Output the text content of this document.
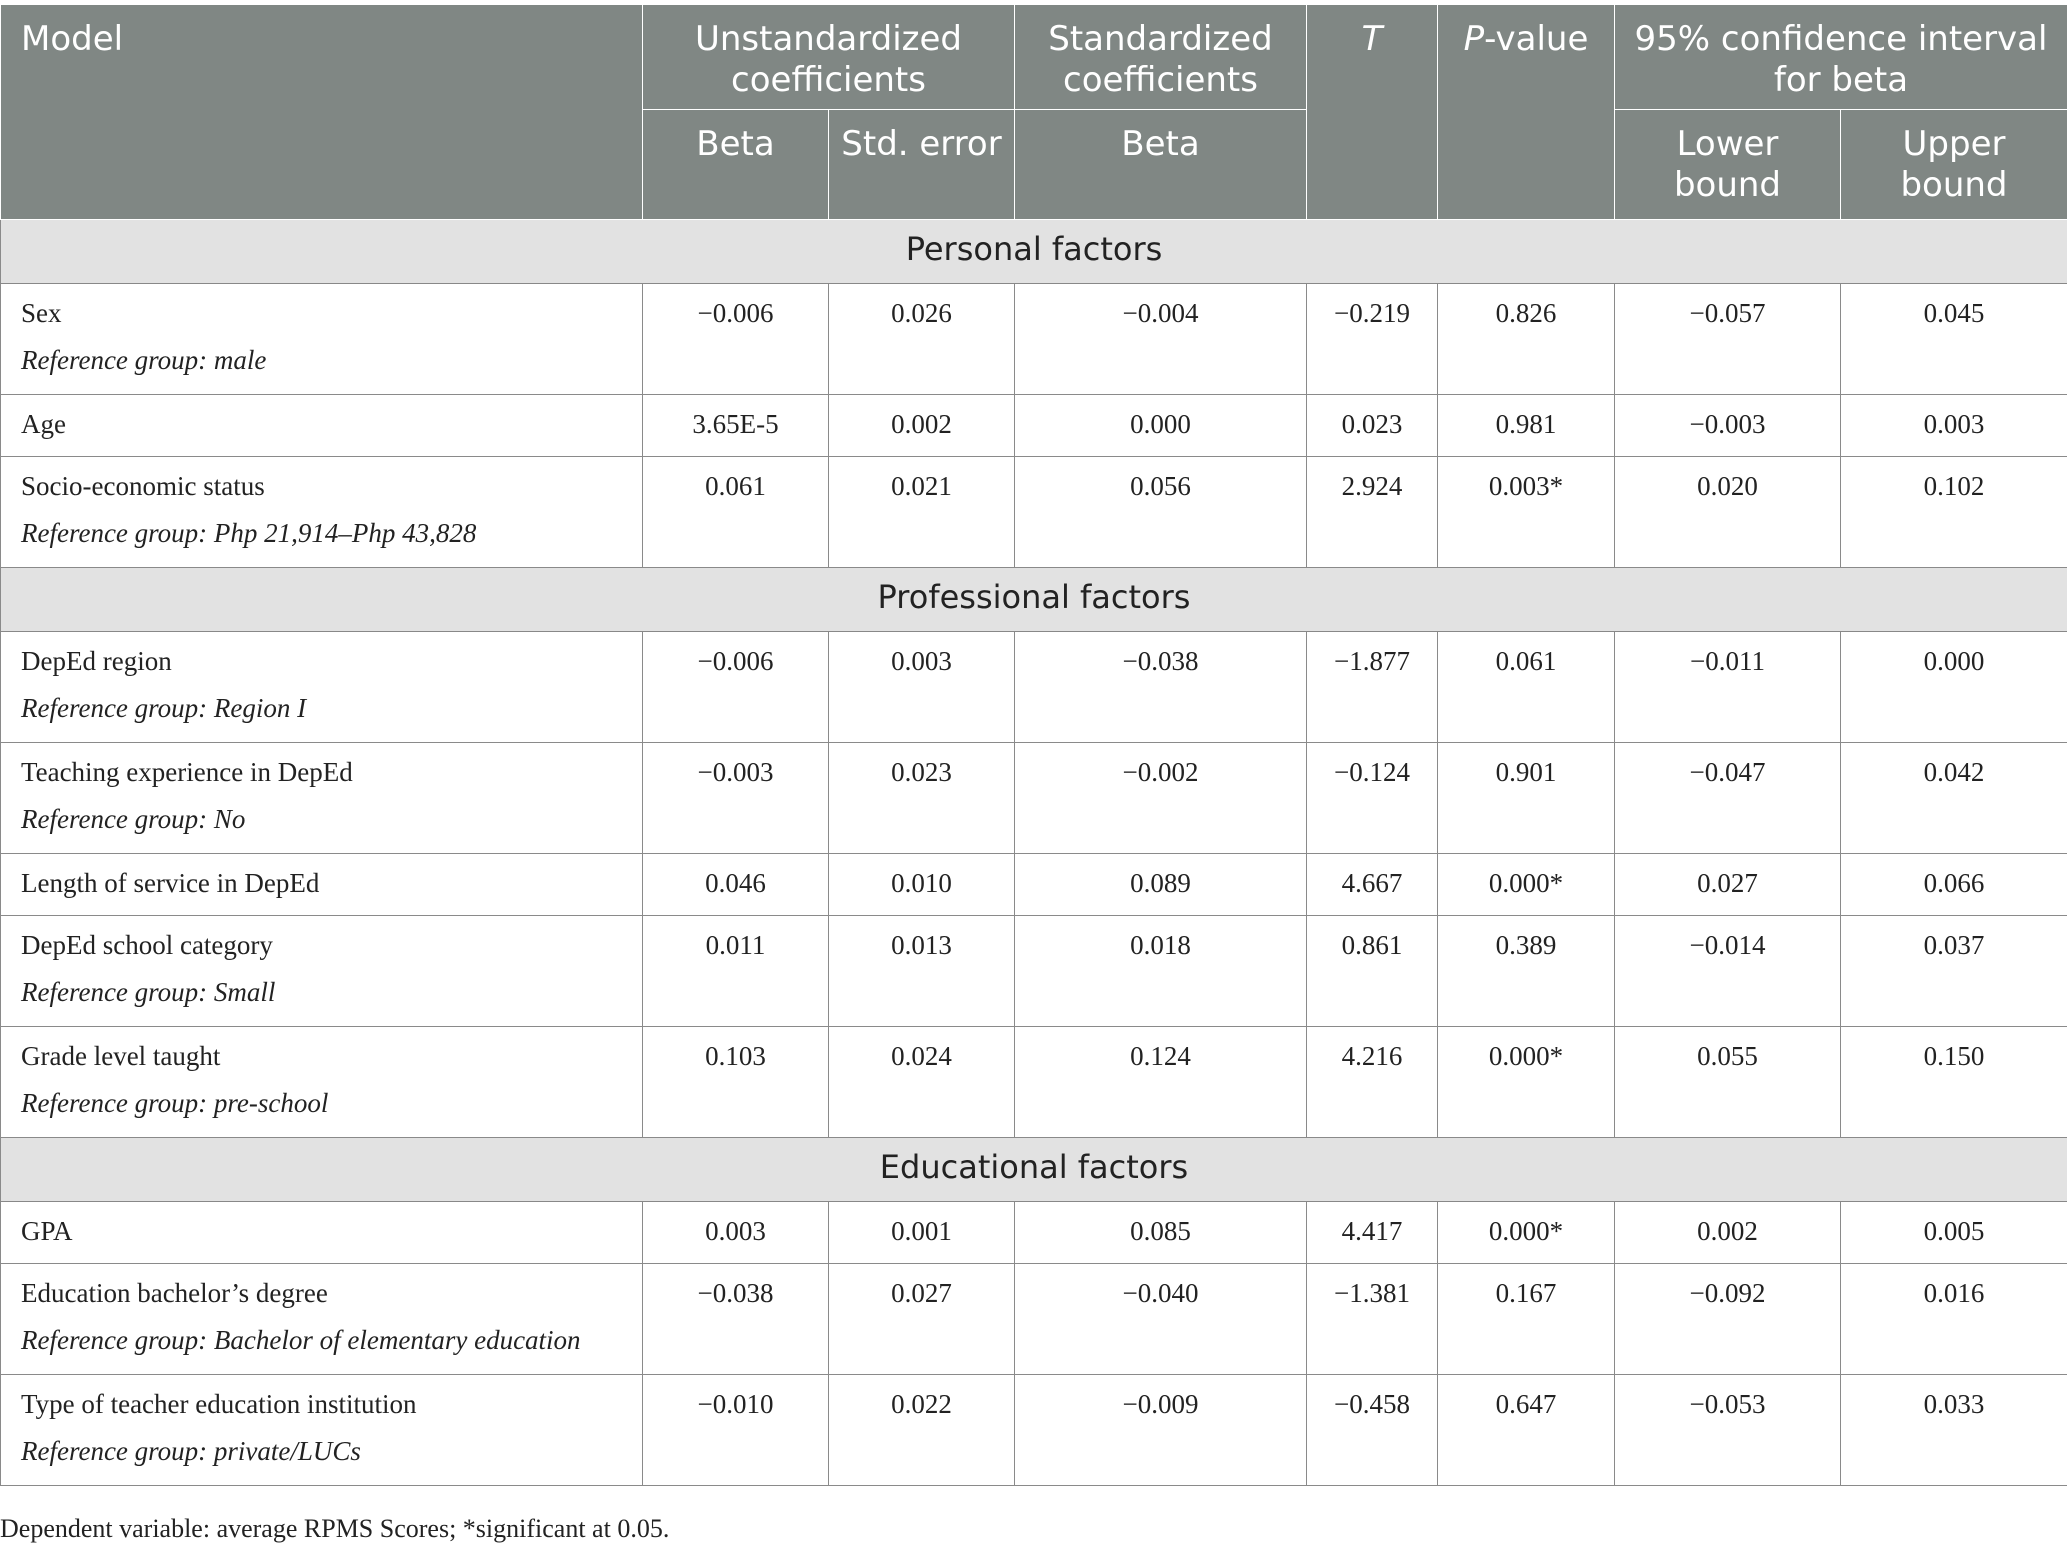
Model	Unstandardized coefficients		Standardized coefficients	T	P-value	95% confidence interval for beta	
	Beta	Std. error	Beta			Lower bound	Upper bound
Personal factors							
Sex
Reference group: male	−0.006	0.026	−0.004	−0.219	0.826	−0.057	0.045
Age	3.65E-5	0.002	0.000	0.023	0.981	−0.003	0.003
Socio-economic status
Reference group: Php 21,914–Php 43,828	0.061	0.021	0.056	2.924	0.003*	0.020	0.102
Professional factors							
DepEd region
Reference group: Region I	−0.006	0.003	−0.038	−1.877	0.061	−0.011	0.000
Teaching experience in DepEd
Reference group: No	−0.003	0.023	−0.002	−0.124	0.901	−0.047	0.042
Length of service in DepEd	0.046	0.010	0.089	4.667	0.000*	0.027	0.066
DepEd school category
Reference group: Small	0.011	0.013	0.018	0.861	0.389	−0.014	0.037
Grade level taught
Reference group: pre-school	0.103	0.024	0.124	4.216	0.000*	0.055	0.150
Educational factors							
GPA	0.003	0.001	0.085	4.417	0.000*	0.002	0.005
Education bachelor’s degree
Reference group: Bachelor of elementary education	−0.038	0.027	−0.040	−1.381	0.167	−0.092	0.016
Type of teacher education institution
Reference group: private/LUCs	−0.010	0.022	−0.009	−0.458	0.647	−0.053	0.033
Dependent variable: average RPMS Scores; *significant at 0.05.
